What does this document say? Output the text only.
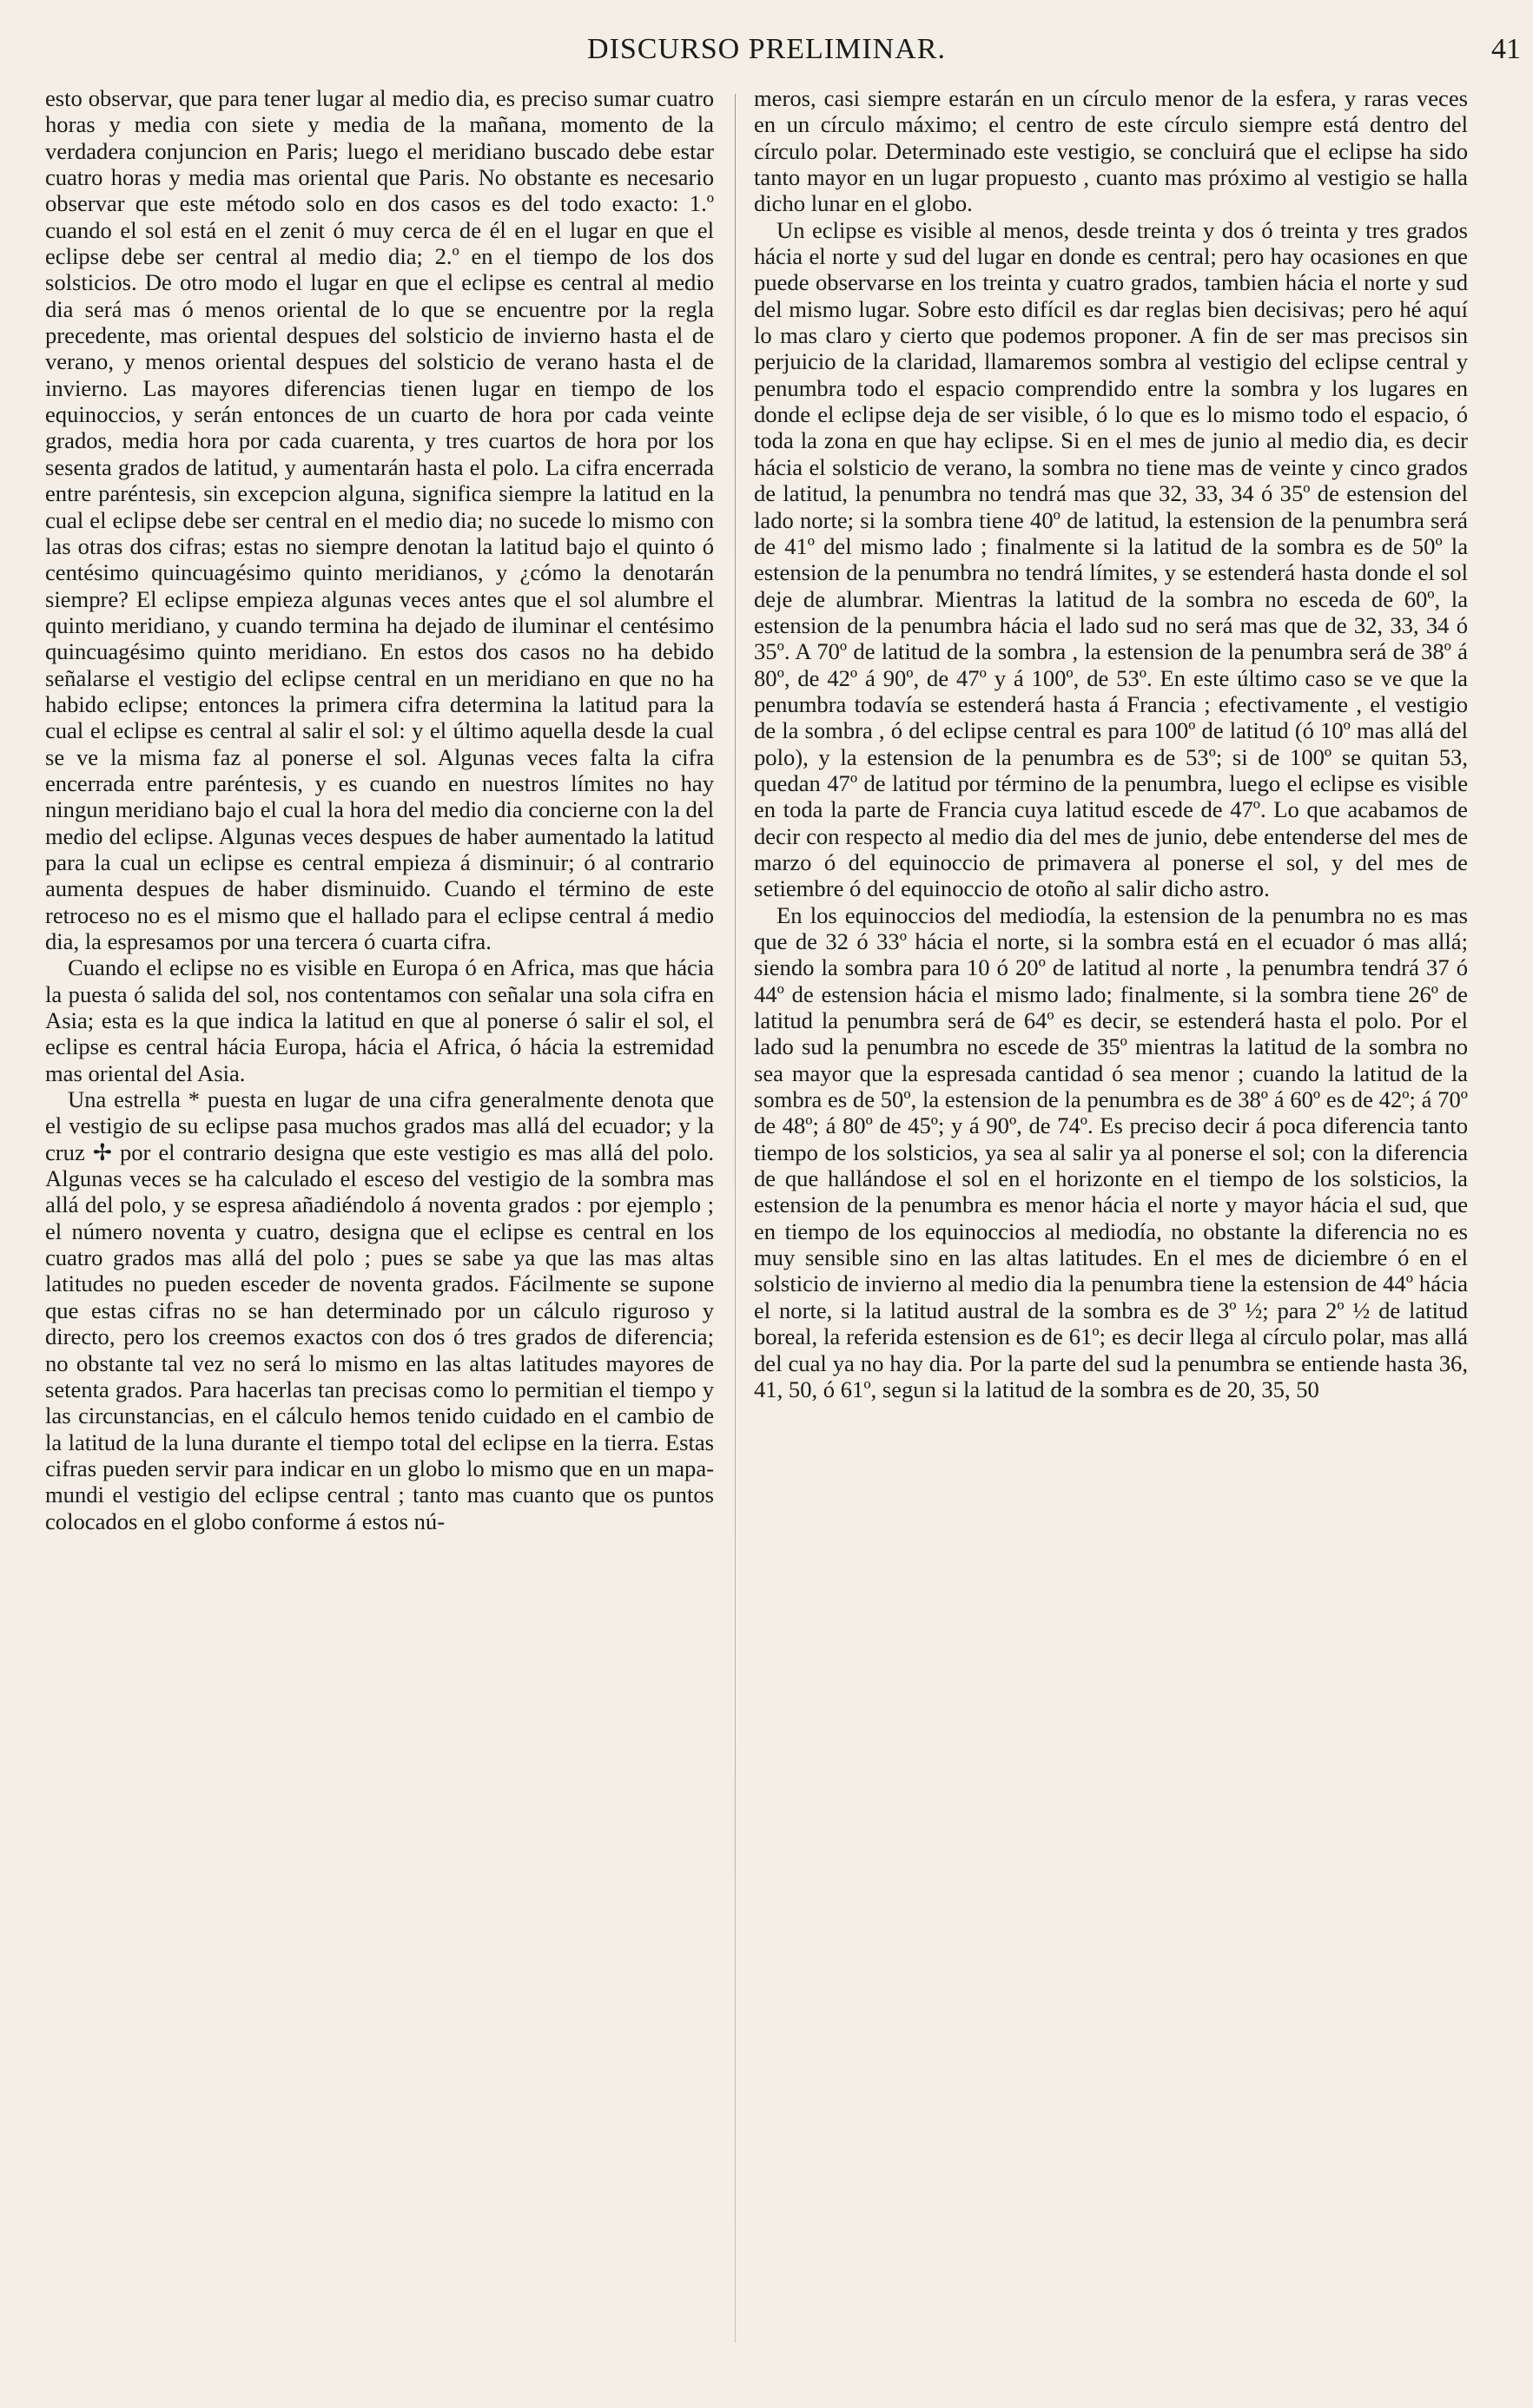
DISCURSO PRELIMINAR.	41

esto observar, que para tener lugar al medio dia, es preciso sumar cuatro horas y media con siete y media de la mañana, momento de la verdadera conjuncion en Paris; luego el meridiano buscado debe estar cuatro horas y media mas oriental que Paris. No obstante es necesario observar que este método solo en dos casos es del todo exacto: 1.º cuando el sol está en el zenit ó muy cerca de él en el lugar en que el eclipse debe ser central al medio dia; 2.º en el tiempo de los dos solsticios. De otro modo el lugar en que el eclipse es central al medio dia será mas ó menos oriental de lo que se encuentre por la regla precedente, mas oriental despues del solsticio de invierno hasta el de verano, y menos oriental despues del solsticio de verano hasta el de invierno. Las mayores diferencias tienen lugar en tiempo de los equinoccios, y serán entonces de un cuarto de hora por cada veinte grados, media hora por cada cuarenta, y tres cuartos de hora por los sesenta grados de latitud, y aumentarán hasta el polo. La cifra encerrada entre paréntesis, sin excepcion alguna, significa siempre la latitud en la cual el eclipse debe ser central en el medio dia; no sucede lo mismo con las otras dos cifras; estas no siempre denotan la latitud bajo el quinto ó centésimo quincuagésimo quinto meridianos, y ¿cómo la denotarán siempre? El eclipse empieza algunas veces antes que el sol alumbre el quinto meridiano, y cuando termina ha dejado de iluminar el centésimo quincuagésimo quinto meridiano. En estos dos casos no ha debido señalarse el vestigio del eclipse central en un meridiano en que no ha habido eclipse; entonces la primera cifra determina la latitud para la cual el eclipse es central al salir el sol: y el último aquella desde la cual se ve la misma faz al ponerse el sol. Algunas veces falta la cifra encerrada entre paréntesis, y es cuando en nuestros límites no hay ningun meridiano bajo el cual la hora del medio dia concierne con la del medio del eclipse. Algunas veces despues de haber aumentado la latitud para la cual un eclipse es central empieza á disminuir; ó al contrario aumenta despues de haber disminuido. Cuando el término de este retroceso no es el mismo que el hallado para el eclipse central á medio dia, la espresamos por una tercera ó cuarta cifra.

Cuando el eclipse no es visible en Europa ó en Africa, mas que hácia la puesta ó salida del sol, nos contentamos con señalar una sola cifra en Asia; esta es la que indica la latitud en que al ponerse ó salir el sol, el eclipse es central hácia Europa, hácia el Africa, ó hácia la estremidad mas oriental del Asia.

Una estrella * puesta en lugar de una cifra generalmente denota que el vestigio de su eclipse pasa muchos grados mas allá del ecuador; y la cruz ✢ por el contrario designa que este vestigio es mas allá del polo. Algunas veces se ha calculado el esceso del vestigio de la sombra mas allá del polo, y se espresa añadiéndolo á noventa grados : por ejemplo ; el número noventa y cuatro, designa que el eclipse es central en los cuatro grados mas allá del polo ; pues se sabe ya que las mas altas latitudes no pueden esceder de noventa grados. Fácilmente se supone que estas cifras no se han determinado por un cálculo riguroso y directo, pero los creemos exactos con dos ó tres grados de diferencia; no obstante tal vez no será lo mismo en las altas latitudes mayores de setenta grados. Para hacerlas tan precisas como lo permitian el tiempo y las circunstancias, en el cálculo hemos tenido cuidado en el cambio de la latitud de la luna durante el tiempo total del eclipse en la tierra. Estas cifras pueden servir para indicar en un globo lo mismo que en un mapa-mundi el vestigio del eclipse central ; tanto mas cuanto que os puntos colocados en el globo conforme á estos nú-

meros, casi siempre estarán en un círculo menor de la esfera, y raras veces en un círculo máximo; el centro de este círculo siempre está dentro del círculo polar. Determinado este vestigio, se concluirá que el eclipse ha sido tanto mayor en un lugar propuesto , cuanto mas próximo al vestigio se halla dicho lunar en el globo.

Un eclipse es visible al menos, desde treinta y dos ó treinta y tres grados hácia el norte y sud del lugar en donde es central; pero hay ocasiones en que puede observarse en los treinta y cuatro grados, tambien hácia el norte y sud del mismo lugar. Sobre esto difícil es dar reglas bien decisivas; pero hé aquí lo mas claro y cierto que podemos proponer. A fin de ser mas precisos sin perjuicio de la claridad, llamaremos sombra al vestigio del eclipse central y penumbra todo el espacio comprendido entre la sombra y los lugares en donde el eclipse deja de ser visible, ó lo que es lo mismo todo el espacio, ó toda la zona en que hay eclipse. Si en el mes de junio al medio dia, es decir hácia el solsticio de verano, la sombra no tiene mas de veinte y cinco grados de latitud, la penumbra no tendrá mas que 32, 33, 34 ó 35º de estension del lado norte; si la sombra tiene 40º de latitud, la estension de la penumbra será de 41º del mismo lado ; finalmente si la latitud de la sombra es de 50º la estension de la penumbra no tendrá límites, y se estenderá hasta donde el sol deje de alumbrar. Mientras la latitud de la sombra no esceda de 60º, la estension de la penumbra hácia el lado sud no será mas que de 32, 33, 34 ó 35º. A 70º de latitud de la sombra , la estension de la penumbra será de 38º á 80º, de 42º á 90º, de 47º y á 100º, de 53º. En este último caso se ve que la penumbra todavía se estenderá hasta á Francia ; efectivamente , el vestigio de la sombra , ó del eclipse central es para 100º de latitud (ó 10º mas allá del polo), y la estension de la penumbra es de 53º; si de 100º se quitan 53, quedan 47º de latitud por término de la penumbra, luego el eclipse es visible en toda la parte de Francia cuya latitud escede de 47º. Lo que acabamos de decir con respecto al medio dia del mes de junio, debe entenderse del mes de marzo ó del equinoccio de primavera al ponerse el sol, y del mes de setiembre ó del equinoccio de otoño al salir dicho astro.

En los equinoccios del mediodía, la estension de la penumbra no es mas que de 32 ó 33º hácia el norte, si la sombra está en el ecuador ó mas allá; siendo la sombra para 10 ó 20º de latitud al norte , la penumbra tendrá 37 ó 44º de estension hácia el mismo lado; finalmente, si la sombra tiene 26º de latitud la penumbra será de 64º es decir, se estenderá hasta el polo. Por el lado sud la penumbra no escede de 35º mientras la latitud de la sombra no sea mayor que la espresada cantidad ó sea menor ; cuando la latitud de la sombra es de 50º, la estension de la penumbra es de 38º á 60º es de 42º; á 70º de 48º; á 80º de 45º; y á 90º, de 74º. Es preciso decir á poca diferencia tanto tiempo de los solsticios, ya sea al salir ya al ponerse el sol; con la diferencia de que hallándose el sol en el horizonte en el tiempo de los solsticios, la estension de la penumbra es menor hácia el norte y mayor hácia el sud, que en tiempo de los equinoccios al mediodía, no obstante la diferencia no es muy sensible sino en las altas latitudes. En el mes de diciembre ó en el solsticio de invierno al medio dia la penumbra tiene la estension de 44º hácia el norte, si la latitud austral de la sombra es de 3º ½; para 2º ½ de latitud boreal, la referida estension es de 61º; es decir llega al círculo polar, mas allá del cual ya no hay dia. Por la parte del sud la penumbra se entiende hasta 36, 41, 50, ó 61º, segun si la latitud de la sombra es de 20, 35, 50
